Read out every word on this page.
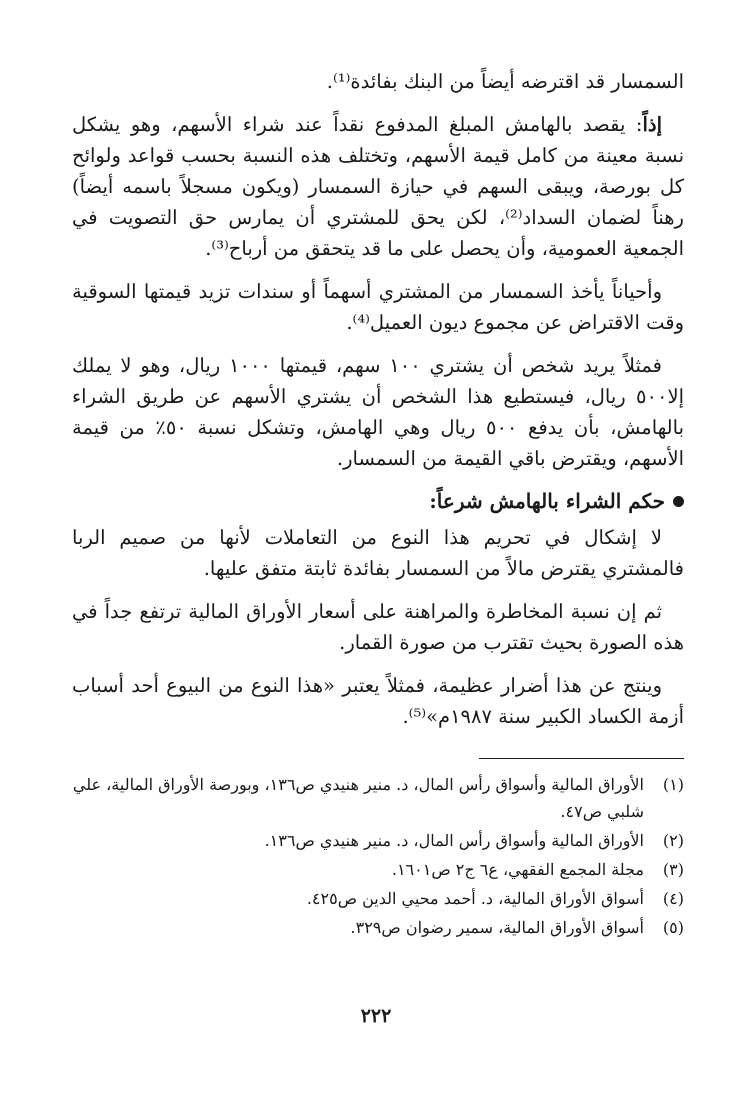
السمسار قد اقترضه أيضاً من البنك بفائدة⁽¹⁾.

إذاً: يقصد بالهامش المبلغ المدفوع نقداً عند شراء الأسهم، وهو يشكل نسبة معينة من كامل قيمة الأسهم، وتختلف هذه النسبة بحسب قواعد ولوائح كل بورصة، ويبقى السهم في حيازة السمسار (ويكون مسجلاً باسمه أيضاً) رهناً لضمان السداد⁽²⁾، لكن يحق للمشتري أن يمارس حق التصويت في الجمعية العمومية، وأن يحصل على ما قد يتحقق من أرباح⁽³⁾.

وأحياناً يأخذ السمسار من المشتري أسهماً أو سندات تزيد قيمتها السوقية وقت الاقتراض عن مجموع ديون العميل⁽⁴⁾.

فمثلاً يريد شخص أن يشتري ١٠٠ سهم، قيمتها ١٠٠٠ ريال، وهو لا يملك إلا٥٠٠ ريال، فيستطيع هذا الشخص أن يشتري الأسهم عن طريق الشراء بالهامش، بأن يدفع ٥٠٠ ريال وهي الهامش، وتشكل نسبة ٥٠٪ من قيمة الأسهم، ويقترض باقي القيمة من السمسار.

حكم الشراء بالهامش شرعاً:

لا إشكال في تحريم هذا النوع من التعاملات لأنها من صميم الربا فالمشتري يقترض مالاً من السمسار بفائدة ثابتة متفق عليها.

ثم إن نسبة المخاطرة والمراهنة على أسعار الأوراق المالية ترتفع جداً في هذه الصورة بحيث تقترب من صورة القمار.

وينتج عن هذا أضرار عظيمة، فمثلاً يعتبر «هذا النوع من البيوع أحد أسباب أزمة الكساد الكبير سنة ١٩٨٧م»⁽⁵⁾.

(١)
الأوراق المالية وأسواق رأس المال، د. منير هنيدي ص١٣٦، وبورصة الأوراق المالية، علي شلبي ص٤٧.
(٢)
الأوراق المالية وأسواق رأس المال، د. منير هنيدي ص١٣٦.
(٣)
مجلة المجمع الفقهي، ع٦ ج٢ ص١٦٠١.
(٤)
أسواق الأوراق المالية، د. أحمد محيي الدين ص٤٢٥.
(٥)
أسواق الأوراق المالية، سمير رضوان ص٣٢٩.
٢٢٢
